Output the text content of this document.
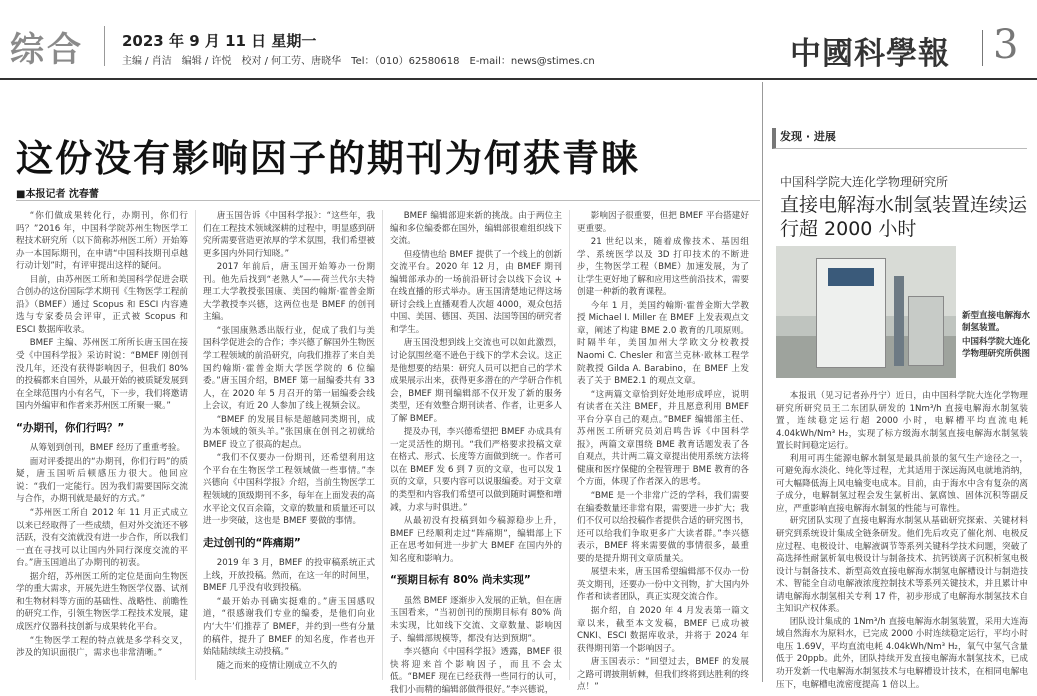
综合	2023 年 9 月 11 日 星期一
主编 / 肖洁　编辑 / 许悦　校对 / 何工劳、唐晓华　Tel：（010）62580618　E-mail：news@stimes.cn	中國科學報 3
这份没有影响因子的期刊为何获青睐
■本报记者 沈春蕾

“你们做成果转化行，办期刊，你们行吗？”2016 年，中国科学院苏州生物医学工程技术研究所（以下简称苏州医工所）开始筹办一本国际期刊，在申请“中国科技期刊卓越行动计划”时，有评审提出这样的疑问。

目前，由苏州医工所和美国科学促进会联合创办的这份国际学术期刊《生物医学工程前沿》（BMEF）通过 Scopus 和 ESCI 内容遴选与专家委员会评审，正式被 Scopus 和 ESCI 数据库收录。

BMEF 主编、苏州医工所所长唐玉国在接受《中国科学报》采访时说：“BMEF 刚创刊没几年，还没有获得影响因子，但我们 80% 的投稿都来自国外，从最开始的被质疑发展到在全球范围内小有名气，下一步，我们将邀请国内外编审和作者来苏州医工所聚一聚。”

“办期刊，你们行吗？”

从筹划到创刊，BMEF 经历了重重考验。

面对评委提出的“办期刊，你们行吗”的质疑，唐玉国听后顿感压力很大。他回应说：“我们一定能行。因为我们需要国际交流与合作，办期刊就是最好的方式。”

“苏州医工所自 2012 年 11 月正式成立以来已经取得了一些成绩，但对外交流还不够活跃，没有交流就没有进一步合作，所以我们一直在寻找可以让国内外同行深度交流的平台。”唐玉国道出了办期刊的初衷。

据介绍，苏州医工所的定位是面向生物医学的重大需求，开展先进生物医学仪器、试剂和生物材料等方面的基础性、战略性、前瞻性的研究工作，引领生物医学工程技术发展，建成医疗仪器科技创新与成果转化平台。

“生物医学工程的特点就是多学科交叉，涉及的知识面很广，需求也非常清晰。”

唐玉国告诉《中国科学报》：“这些年，我们在工程技术领域深耕的过程中，明显感到研究所需要营造更浓厚的学术氛围，我们希望被更多国内外同行知晓。”

2017 年前后，唐玉国开始筹办一份期刊。他先后找到“老熟人”——荷兰代尔夫特理工大学教授张国康、美国约翰斯·霍普金斯大学教授李兴德，这两位也是 BMEF 的创刊主编。

“张国康熟悉出版行业，促成了我们与美国科学促进会的合作；李兴德了解国外生物医学工程领域的前沿研究，向我们推荐了来自美国约翰斯·霍普金斯大学医学院的 6 位编委。”唐玉国介绍，BMEF 第一届编委共有 33 人，在 2020 年 5 月召开的第一届编委会线上会议，有近 20 人参加了线上视频会议。

“BMEF 的发展目标是超越同类期刊，成为本领域的领头羊。”张国康在创刊之初就给 BMEF 设立了很高的起点。

“我们不仅要办一份期刊，还希望利用这个平台在生物医学工程领域做一些事情。”李兴德向《中国科学报》介绍，当前生物医学工程领域的顶级期刊不多，每年在上面发表的高水平论文仅百余篇，文章的数量和质量还可以进一步突破，这也是 BMEF 要做的事情。

走过创刊的“阵痛期”

2019 年 3 月，BMEF 的投审稿系统正式上线，开放投稿。然而，在这一年的时间里，BMEF 几乎没有收到投稿。

“最开始办刊确实挺难的。”唐玉国感叹道，“很感谢我们专业的编委，是他们向业内‘大牛’们推荐了 BMEF，并约到一些有分量的稿件，提升了 BMEF 的知名度，作者也开始陆陆续续主动投稿。”

随之而来的疫情让刚成立不久的

BMEF 编辑部迎来新的挑战。由于两位主编和多位编委都在国外，编辑部很难组织线下交流。

但疫情也给 BMEF 提供了一个线上的创新交流平台。2020 年 12 月，由 BMEF 期刊编辑部承办的一场前沿研讨会以线下会议 + 在线直播的形式举办。唐玉国清楚地记得这场研讨会线上直播观看人次超 4000，观众包括中国、美国、德国、英国、法国等国的研究者和学生。

唐玉国没想到线上交流也可以如此激烈，讨论氛围丝毫不逊色于线下的学术会议。这正是他想要的结果：研究人员可以把自己的学术成果展示出来，获得更多潜在的产学研合作机会，BMEF 期刊编辑部不仅开发了新的服务类型，还有效整合期刊读者、作者，让更多人了解 BMEF。

提及办刊，李兴德希望把 BMEF 办成具有一定灵活性的期刊。“我们严格要求投稿文章在格式、形式、长度等方面做到统一。作者可以在 BMEF 发 6 到 7 页的文章，也可以发 1 页的文章，只要内容可以说服编委。对于文章的类型和内容我们希望可以做到随时调整和增减，力求与时俱进。”

从最初没有投稿到如今稿源稳步上升，BMEF 已经顺利走过“阵痛期”，编辑部上下正在思考如何进一步扩大 BMEF 在国内外的知名度和影响力。

“预期目标有 80% 尚未实现”

虽然 BMEF 逐渐步入发展的正轨，但在唐玉国看来，“当初创刊的预期目标有 80% 尚未实现，比如线下交流、文章数量、影响因子、编辑部规模等，都没有达到预期”。

李兴德向《中国科学报》透露，BMEF 很快将迎来首个影响因子，而且不会太低。“BMEF 现在已经获得一些同行的认可，我们小而精的编辑部做得很好。”李兴德说，

影响因子很重要，但把 BMEF 平台搭建好更重要。

21 世纪以来，随着成像技术、基因组学、系统医学以及 3D 打印技术的不断进步，生物医学工程（BME）加速发展，为了让学生更好地了解和应用这些前沿技术，需要创建一种新的教育课程。

今年 1 月，美国约翰斯·霍普金斯大学教授 Michael I. Miller 在 BMEF 上发表观点文章，阐述了构建 BME 2.0 教育的几项原则。时隔半年，美国加州大学欧文分校教授 Naomi C. Chesler 和富兰克林·欧林工程学院教授 Gilda A. Barabino，在 BMEF 上发表了关于 BME2.1 的观点文章。

“这两篇文章恰到好处地形成呼应，说明有读者在关注 BMEF，并且愿意利用 BMEF 平台分享自己的观点。”BMEF 编辑部主任、苏州医工所研究员刘启鸣告诉《中国科学报》，两篇文章围绕 BME 教育话题发表了各自观点，共计两二篇文章提出使用系统方法将健康和医疗保健的全程管理于 BME 教育的各个方面，体现了作者深入的思考。

“BME 是一个非常广泛的学科，我们需要在编委数量还非常有限，需要进一步扩大；我们不仅可以给投稿作者提供合适的研究图书，还可以给我们争取更多广大读者群。”李兴德表示，BMEF 将来需要做的事情很多，最重要的是提升期刊文章质量关。

展望未来，唐玉国希望编辑部不仅办一份英文期刊，还要办一份中文刊物，扩大国内外作者和读者团队，真正实现交流合作。

据介绍，自 2020 年 4 月发表第一篇文章以来，截至本文发稿，BMEF 已成功被 CNKI、ESCI 数据库收录，并将于 2024 年获得期刊第一个影响因子。

唐玉国表示：“回望过去，BMEF 的发展之路可谓披荆斩棘，但我们终将到达胜利的终点！”

发现 · 进展
中国科学院大连化学物理研究所
直接电解海水制氢装置连续运行超 2000 小时
新型直接电解海水制氢装置。
中国科学院大连化学物理研究所供图

本报讯（见习记者孙丹宁）近日，由中国科学院大连化学物理研究所研究员王二东团队研发的 1Nm³/h 直接电解海水制氢装置，连续稳定运行超 2000 小时，电解槽平均直流电耗 4.04kWh/Nm³ H₂，实现了标方级海水制氢直接电解海水制氢装置长时间稳定运行。

利用可再生能源电解水制氢是最具前景的氢气生产途径之一，可避免海水淡化、纯化等过程，尤其适用于深远海风电就地消纳，可大幅降低海上风电输变电成本。目前，由于海水中含有复杂的离子成分，电解制氢过程会发生氯析出、氯腐蚀、固体沉积等副反应，严重影响直接电解海水制氢的性能与可靠性。

研究团队实现了直接电解海水制氢从基础研究探索、关键材料研究到系统设计集成全链条研发。他们先后攻克了催化剂、电极反应过程、电极设计、电解液调节等系列关键科学技术问题，突破了高选择性耐氯析氧电极设计与制备技术、抗钙镁离子沉积析氢电极设计与制备技术、新型高效直接电解海水制氢电解槽设计与制造技术、智能全自动电解液浓度控制技术等系列关键技术，并且累计申请电解海水制氢相关专利 17 件，初步形成了电解海水制氢技术自主知识产权体系。

团队设计集成的 1Nm³/h 直接电解海水制氢装置，采用大连海域自然海水为原料水，已完成 2000 小时连续稳定运行，平均小时电压 1.69V，平均直流电耗 4.04kWh/Nm³ H₂，氧气中氢气含量低于 20ppb。此外，团队持续开发直接电解海水制氢技术，已成功开发新一代电解海水制氢技术与电解槽设计技术，在相同电解电压下，电解槽电流密度提高 1 倍以上。
